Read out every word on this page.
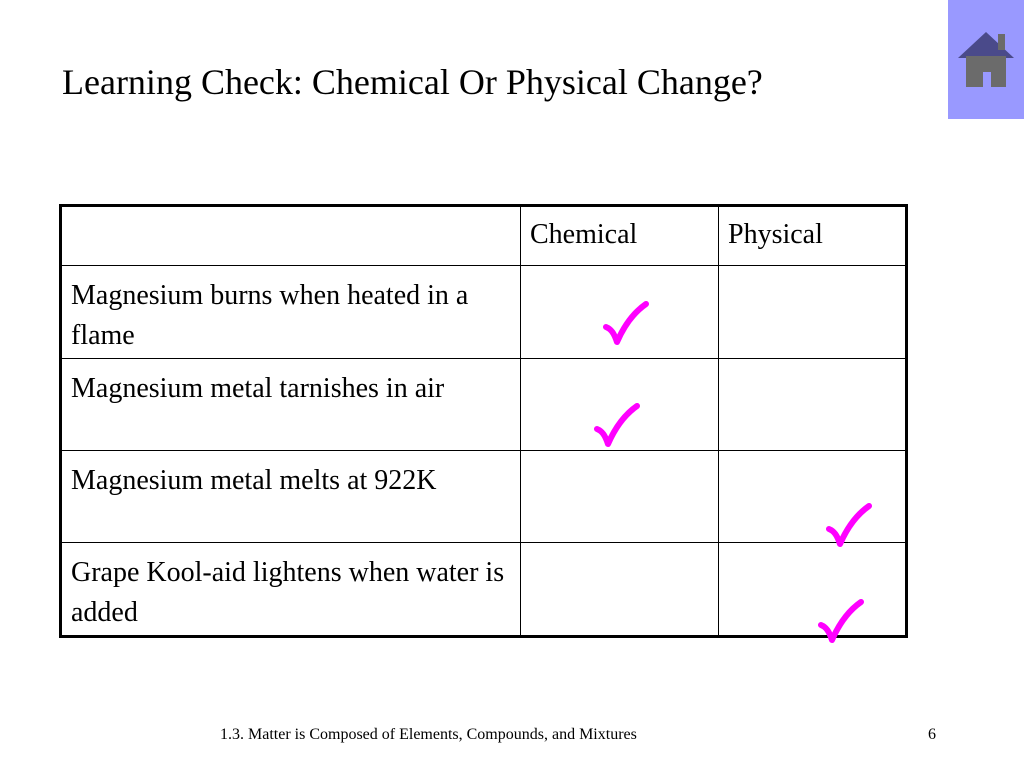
Learning Check: Chemical Or Physical Change?
	Chemical	Physical
Magnesium burns when heated in a flame		
Magnesium metal tarnishes in air		
Magnesium metal melts at 922K		
Grape Kool-aid lightens when water is added		
1.3. Matter is Composed of Elements, Compounds, and Mixtures	6
